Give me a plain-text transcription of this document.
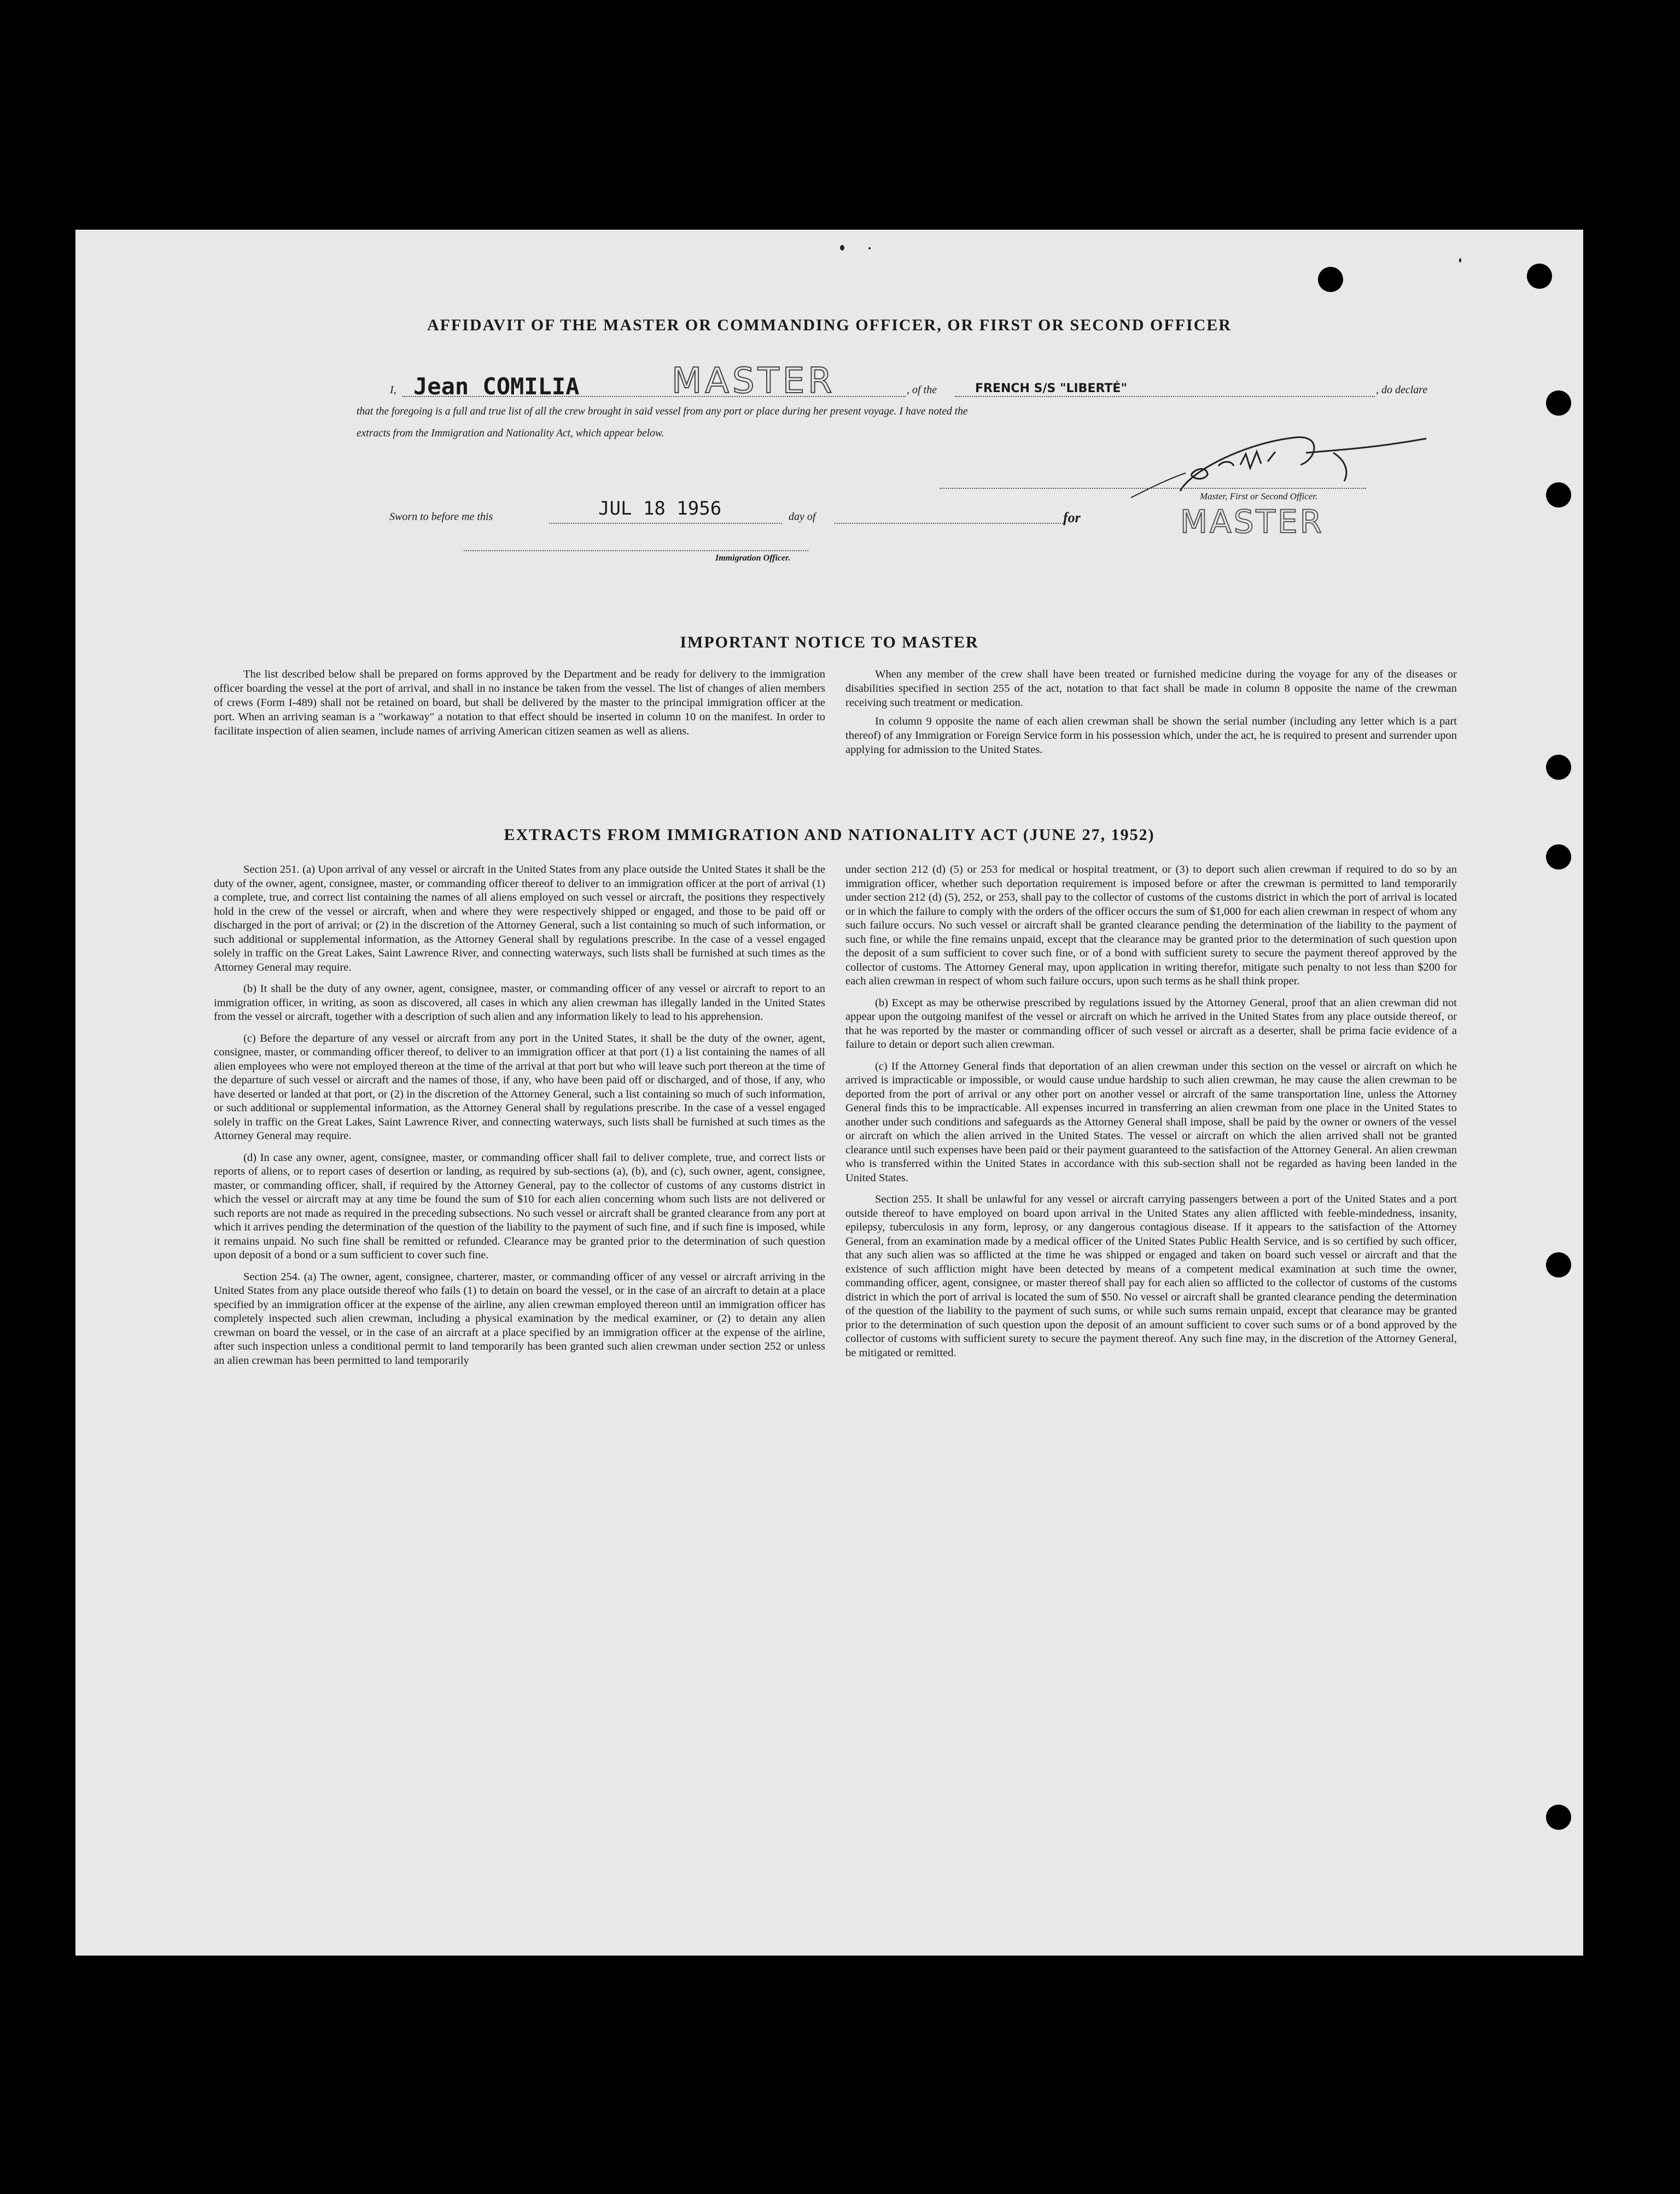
AFFIDAVIT OF THE MASTER OR COMMANDING OFFICER, OR FIRST OR SECOND OFFICER
I, Jean COMILIA	MASTER	, of the	FRENCH S/S "LIBERTÉ"	, do declare
that the foregoing is a full and true list of all the crew brought in said vessel from any port or place during her present voyage. I have noted the
extracts from the Immigration and Nationality Act, which appear below.
for
Master, First or Second Officer.
MASTER
Sworn to before me this	JUL 18 1956	day of
Immigration Officer.
IMPORTANT NOTICE TO MASTER

The list described below shall be prepared on forms approved by the Department and be ready for delivery to the immigration officer boarding the vessel at the port of arrival, and shall in no instance be taken from the vessel. The list of changes of alien members of crews (Form I-489) shall not be retained on board, but shall be delivered by the master to the principal immigration officer at the port. When an arriving seaman is a "workaway" a notation to that effect should be inserted in column 10 on the manifest. In order to facilitate inspection of alien seamen, include names of arriving American citizen seamen as well as aliens.

When any member of the crew shall have been treated or furnished medicine during the voyage for any of the diseases or disabilities specified in section 255 of the act, notation to that fact shall be made in column 8 opposite the name of the crewman receiving such treatment or medication.

In column 9 opposite the name of each alien crewman shall be shown the serial number (including any letter which is a part thereof) of any Immigration or Foreign Service form in his possession which, under the act, he is required to present and surrender upon applying for admission to the United States.

EXTRACTS FROM IMMIGRATION AND NATIONALITY ACT (JUNE 27, 1952)

Section 251. (a) Upon arrival of any vessel or aircraft in the United States from any place outside the United States it shall be the duty of the owner, agent, consignee, master, or commanding officer thereof to deliver to an immigration officer at the port of arrival (1) a complete, true, and correct list containing the names of all aliens employed on such vessel or aircraft, the positions they respectively hold in the crew of the vessel or aircraft, when and where they were respectively shipped or engaged, and those to be paid off or discharged in the port of arrival; or (2) in the discretion of the Attorney General, such a list containing so much of such information, or such additional or supplemental information, as the Attorney General shall by regulations prescribe. In the case of a vessel engaged solely in traffic on the Great Lakes, Saint Lawrence River, and connecting waterways, such lists shall be furnished at such times as the Attorney General may require.

(b) It shall be the duty of any owner, agent, consignee, master, or commanding officer of any vessel or aircraft to report to an immigration officer, in writing, as soon as discovered, all cases in which any alien crewman has illegally landed in the United States from the vessel or aircraft, together with a description of such alien and any information likely to lead to his apprehension.

(c) Before the departure of any vessel or aircraft from any port in the United States, it shall be the duty of the owner, agent, consignee, master, or commanding officer thereof, to deliver to an immigration officer at that port (1) a list containing the names of all alien employees who were not employed thereon at the time of the arrival at that port but who will leave such port thereon at the time of the departure of such vessel or aircraft and the names of those, if any, who have been paid off or discharged, and of those, if any, who have deserted or landed at that port, or (2) in the discretion of the Attorney General, such a list containing so much of such information, or such additional or supplemental information, as the Attorney General shall by regulations prescribe. In the case of a vessel engaged solely in traffic on the Great Lakes, Saint Lawrence River, and connecting waterways, such lists shall be furnished at such times as the Attorney General may require.

(d) In case any owner, agent, consignee, master, or commanding officer shall fail to deliver complete, true, and correct lists or reports of aliens, or to report cases of desertion or landing, as required by sub-sections (a), (b), and (c), such owner, agent, consignee, master, or commanding officer, shall, if required by the Attorney General, pay to the collector of customs of any customs district in which the vessel or aircraft may at any time be found the sum of $10 for each alien concerning whom such lists are not delivered or such reports are not made as required in the preceding subsections. No such vessel or aircraft shall be granted clearance from any port at which it arrives pending the determination of the question of the liability to the payment of such fine, and if such fine is imposed, while it remains unpaid. No such fine shall be remitted or refunded. Clearance may be granted prior to the determination of such question upon deposit of a bond or a sum sufficient to cover such fine.

Section 254. (a) The owner, agent, consignee, charterer, master, or commanding officer of any vessel or aircraft arriving in the United States from any place outside thereof who fails (1) to detain on board the vessel, or in the case of an aircraft to detain at a place specified by an immigration officer at the expense of the airline, any alien crewman employed thereon until an immigration officer has completely inspected such alien crewman, including a physical examination by the medical examiner, or (2) to detain any alien crewman on board the vessel, or in the case of an aircraft at a place specified by an immigration officer at the expense of the airline, after such inspection unless a conditional permit to land temporarily has been granted such alien crewman under section 252 or unless an alien crewman has been permitted to land temporarily

under section 212 (d) (5) or 253 for medical or hospital treatment, or (3) to deport such alien crewman if required to do so by an immigration officer, whether such deportation requirement is imposed before or after the crewman is permitted to land temporarily under section 212 (d) (5), 252, or 253, shall pay to the collector of customs of the customs district in which the port of arrival is located or in which the failure to comply with the orders of the officer occurs the sum of $1,000 for each alien crewman in respect of whom any such failure occurs. No such vessel or aircraft shall be granted clearance pending the determination of the liability to the payment of such fine, or while the fine remains unpaid, except that the clearance may be granted prior to the determination of such question upon the deposit of a sum sufficient to cover such fine, or of a bond with sufficient surety to secure the payment thereof approved by the collector of customs. The Attorney General may, upon application in writing therefor, mitigate such penalty to not less than $200 for each alien crewman in respect of whom such failure occurs, upon such terms as he shall think proper.

(b) Except as may be otherwise prescribed by regulations issued by the Attorney General, proof that an alien crewman did not appear upon the outgoing manifest of the vessel or aircraft on which he arrived in the United States from any place outside thereof, or that he was reported by the master or commanding officer of such vessel or aircraft as a deserter, shall be prima facie evidence of a failure to detain or deport such alien crewman.

(c) If the Attorney General finds that deportation of an alien crewman under this section on the vessel or aircraft on which he arrived is impracticable or impossible, or would cause undue hardship to such alien crewman, he may cause the alien crewman to be deported from the port of arrival or any other port on another vessel or aircraft of the same transportation line, unless the Attorney General finds this to be impracticable. All expenses incurred in transferring an alien crewman from one place in the United States to another under such conditions and safeguards as the Attorney General shall impose, shall be paid by the owner or owners of the vessel or aircraft on which the alien arrived in the United States. The vessel or aircraft on which the alien arrived shall not be granted clearance until such expenses have been paid or their payment guaranteed to the satisfaction of the Attorney General. An alien crewman who is transferred within the United States in accordance with this sub-section shall not be regarded as having been landed in the United States.

Section 255. It shall be unlawful for any vessel or aircraft carrying passengers between a port of the United States and a port outside thereof to have employed on board upon arrival in the United States any alien afflicted with feeble-mindedness, insanity, epilepsy, tuberculosis in any form, leprosy, or any dangerous contagious disease. If it appears to the satisfaction of the Attorney General, from an examination made by a medical officer of the United States Public Health Service, and is so certified by such officer, that any such alien was so afflicted at the time he was shipped or engaged and taken on board such vessel or aircraft and that the existence of such affliction might have been detected by means of a competent medical examination at such time the owner, commanding officer, agent, consignee, or master thereof shall pay for each alien so afflicted to the collector of customs of the customs district in which the port of arrival is located the sum of $50. No vessel or aircraft shall be granted clearance pending the determination of the question of the liability to the payment of such sums, or while such sums remain unpaid, except that clearance may be granted prior to the determination of such question upon the deposit of an amount sufficient to cover such sums or of a bond approved by the collector of customs with sufficient surety to secure the payment thereof. Any such fine may, in the discretion of the Attorney General, be mitigated or remitted.
